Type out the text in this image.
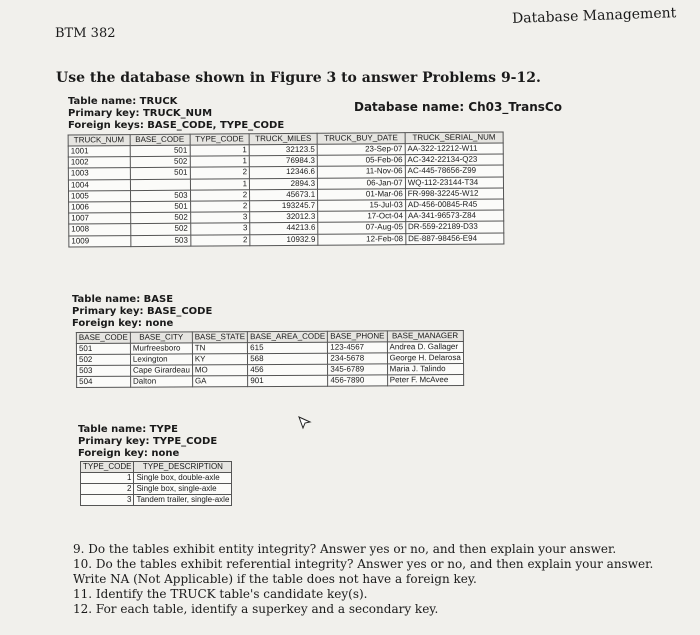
BTM 382
Database Management
Use the database shown in Figure 3 to answer Problems 9-12.
Table name: TRUCK
Primary key: TRUCK_NUM
Foreign keys: BASE_CODE, TYPE_CODE
Database name: Ch03_TransCo
TRUCK_NUM	BASE_CODE	TYPE_CODE	TRUCK_MILES	TRUCK_BUY_DATE	TRUCK_SERIAL_NUM
1001	501	1	32123.5	23-Sep-07	AA-322-12212-W11
1002	502	1	76984.3	05-Feb-06	AC-342-22134-Q23
1003	501	2	12346.6	11-Nov-06	AC-445-78656-Z99
1004		1	2894.3	06-Jan-07	WQ-112-23144-T34
1005	503	2	45673.1	01-Mar-06	FR-998-32245-W12
1006	501	2	193245.7	15-Jul-03	AD-456-00845-R45
1007	502	3	32012.3	17-Oct-04	AA-341-96573-Z84
1008	502	3	44213.6	07-Aug-05	DR-559-22189-D33
1009	503	2	10932.9	12-Feb-08	DE-887-98456-E94
Table name: BASE
Primary key: BASE_CODE
Foreign key: none
BASE_CODE	BASE_CITY	BASE_STATE	BASE_AREA_CODE	BASE_PHONE	BASE_MANAGER
501	Murfreesboro	TN	615	123-4567	Andrea D. Gallager
502	Lexington	KY	568	234-5678	George H. Delarosa
503	Cape Girardeau	MO	456	345-6789	Maria J. Talindo
504	Dalton	GA	901	456-7890	Peter F. McAvee
Table name: TYPE
Primary key: TYPE_CODE
Foreign key: none
TYPE_CODE	TYPE_DESCRIPTION
1	Single box, double-axle
2	Single box, single-axle
3	Tandem trailer, single-axle
9. Do the tables exhibit entity integrity? Answer yes or no, and then explain your answer.
10. Do the tables exhibit referential integrity? Answer yes or no, and then explain your answer.
Write NA (Not Applicable) if the table does not have a foreign key.
11. Identify the TRUCK table's candidate key(s).
12. For each table, identify a superkey and a secondary key.
